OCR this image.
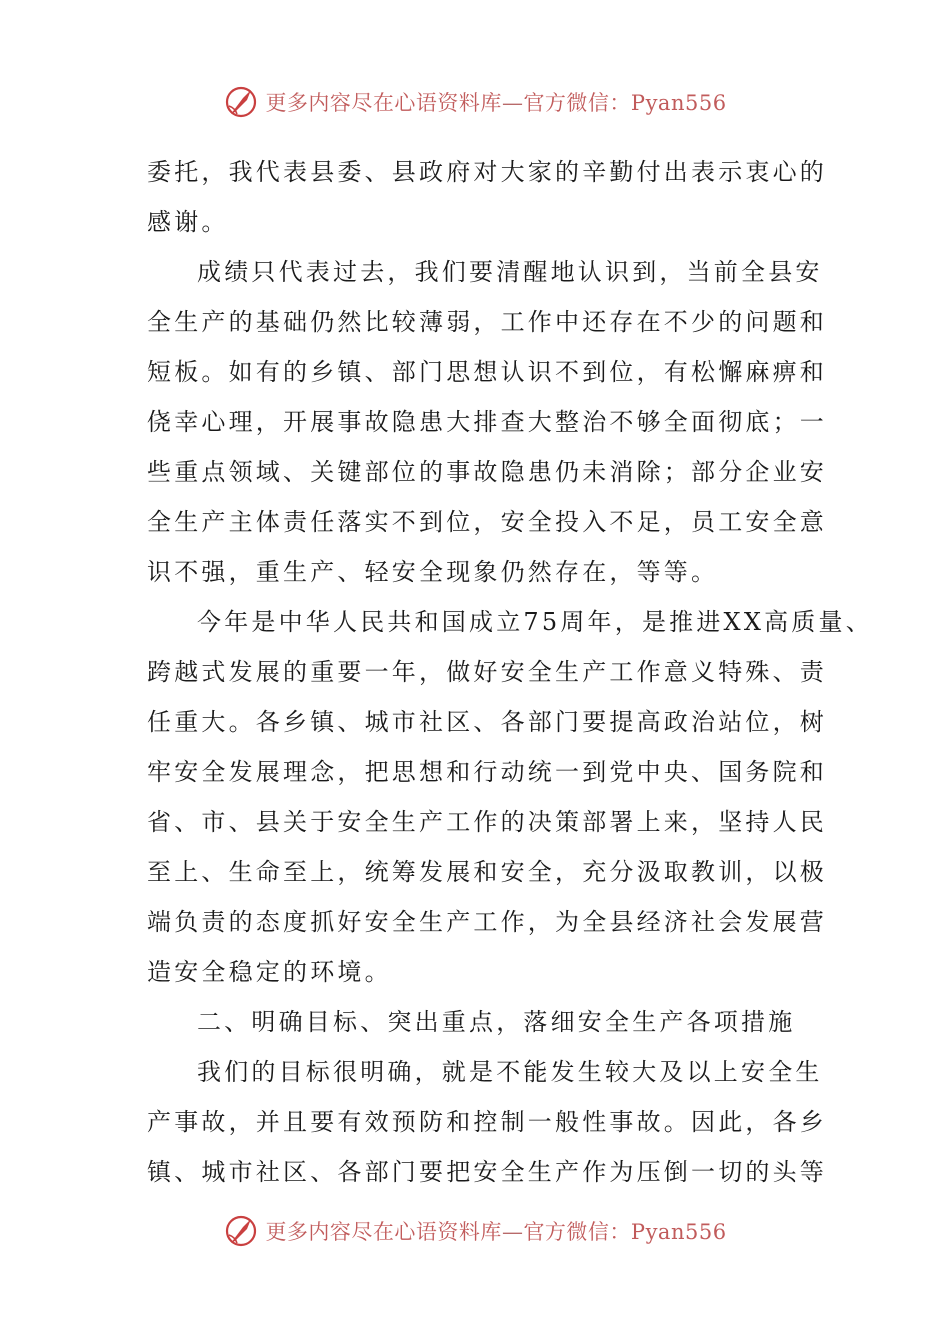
更多内容尽在心语资料库—官方微信：Pyan556
委托，我代表县委、县政府对大家的辛勤付出表示衷心的
感谢。
成绩只代表过去，我们要清醒地认识到，当前全县安
全生产的基础仍然比较薄弱，工作中还存在不少的问题和
短板。如有的乡镇、部门思想认识不到位，有松懈麻痹和
侥幸心理，开展事故隐患大排查大整治不够全面彻底；一
些重点领域、关键部位的事故隐患仍未消除；部分企业安
全生产主体责任落实不到位，安全投入不足，员工安全意
识不强，重生产、轻安全现象仍然存在，等等。
今年是中华人民共和国成立75周年，是推进XX高质量、
跨越式发展的重要一年，做好安全生产工作意义特殊、责
任重大。各乡镇、城市社区、各部门要提高政治站位，树
牢安全发展理念，把思想和行动统一到党中央、国务院和
省、市、县关于安全生产工作的决策部署上来，坚持人民
至上、生命至上，统筹发展和安全，充分汲取教训，以极
端负责的态度抓好安全生产工作，为全县经济社会发展营
造安全稳定的环境。
二、明确目标、突出重点，落细安全生产各项措施
我们的目标很明确，就是不能发生较大及以上安全生
产事故，并且要有效预防和控制一般性事故。因此，各乡
镇、城市社区、各部门要把安全生产作为压倒一切的头等
更多内容尽在心语资料库—官方微信：Pyan556
